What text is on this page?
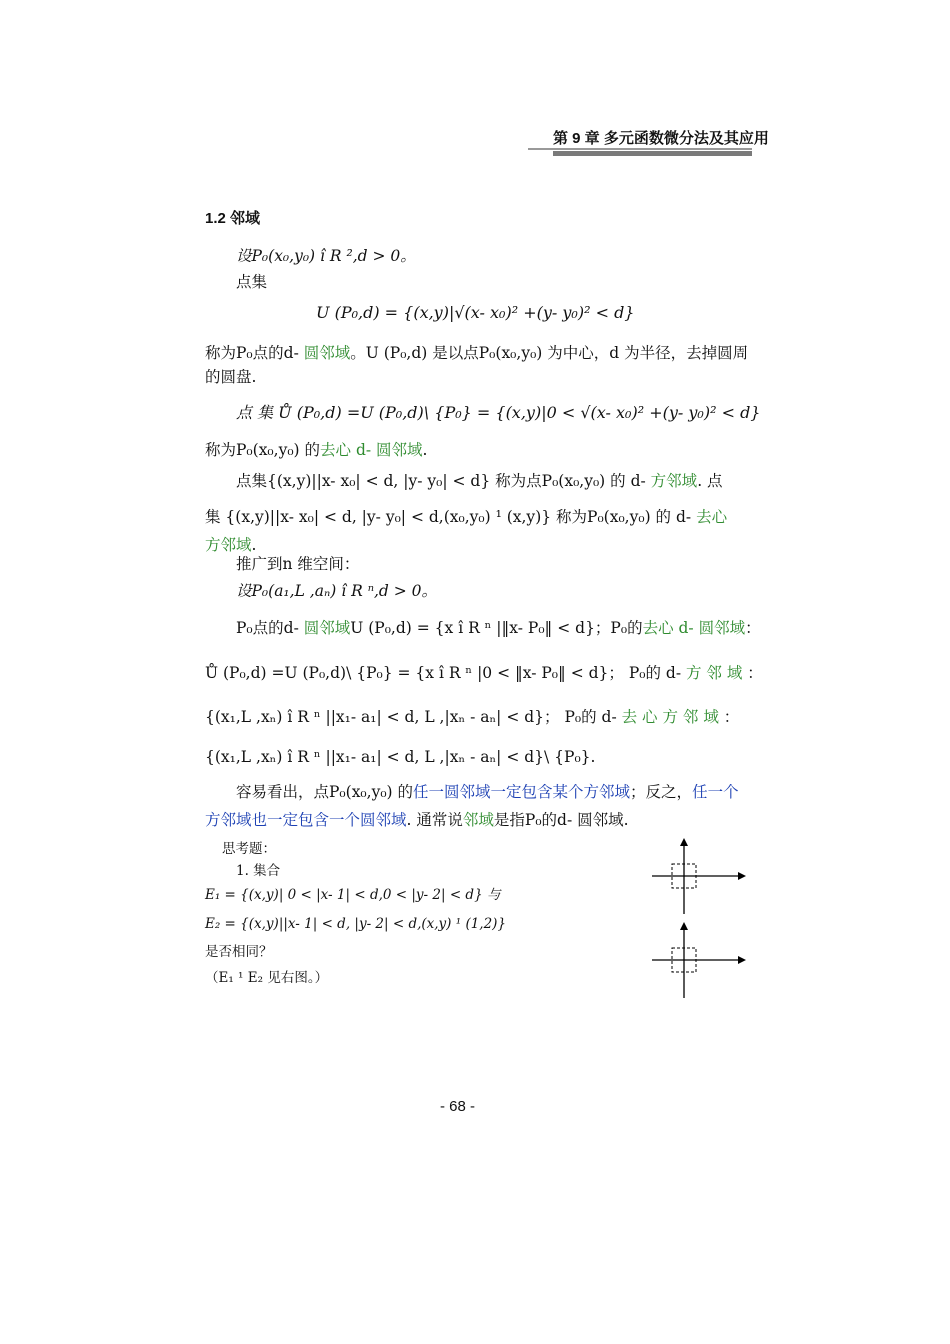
第 9 章 多元函数微分法及其应用
1.2 邻域
设P₀(x₀,y₀) î R ²,d > 0。
点集
U (P₀,d) = {(x,y)|√(x- x₀)² +(y- y₀)² < d}
称为P₀点的d- 圆邻域。U (P₀,d) 是以点P₀(x₀,y₀) 为中心，d 为半径，去掉圆周
的圆盘.
点 集 Ů (P₀,d) =U (P₀,d)\ {P₀} = {(x,y)|0 < √(x- x₀)² +(y- y₀)² < d}
称为P₀(x₀,y₀) 的去心 d- 圆邻域.
点集{(x,y)||x- x₀| < d, |y- y₀| < d} 称为点P₀(x₀,y₀) 的 d- 方邻域. 点
集 {(x,y)||x- x₀| < d, |y- y₀| < d,(x₀,y₀) ¹ (x,y)} 称为P₀(x₀,y₀) 的 d- 去心
方邻域.
推广到n 维空间：
设P₀(a₁,L ,aₙ) î R ⁿ,d > 0。
P₀点的d- 圆邻域U (P₀,d) = {x î R ⁿ |‖x- P₀‖ < d}；P₀的去心 d- 圆邻域：
Ů (P₀,d) =U (P₀,d)\ {P₀} = {x î R ⁿ |0 < ‖x- P₀‖ < d}； P₀的 d- 方 邻 域 ：
{(x₁,L ,xₙ) î R ⁿ ||x₁- a₁| < d, L ,|xₙ - aₙ| < d}； P₀的 d- 去 心 方 邻 域 ：
{(x₁,L ,xₙ) î R ⁿ ||x₁- a₁| < d, L ,|xₙ - aₙ| < d}\ {P₀}.
容易看出，点P₀(x₀,y₀) 的任一圆邻域一定包含某个方邻域；反之，任一个
方邻域也一定包含一个圆邻域. 通常说邻域是指P₀的d- 圆邻域.
思考题：
1. 集合
E₁ = {(x,y)| 0 < |x- 1| < d,0 < |y- 2| < d} 与
E₂ = {(x,y)||x- 1| < d, |y- 2| < d,(x,y) ¹ (1,2)}
是否相同？
（E₁ ¹ E₂ 见右图。）
- 68 -
